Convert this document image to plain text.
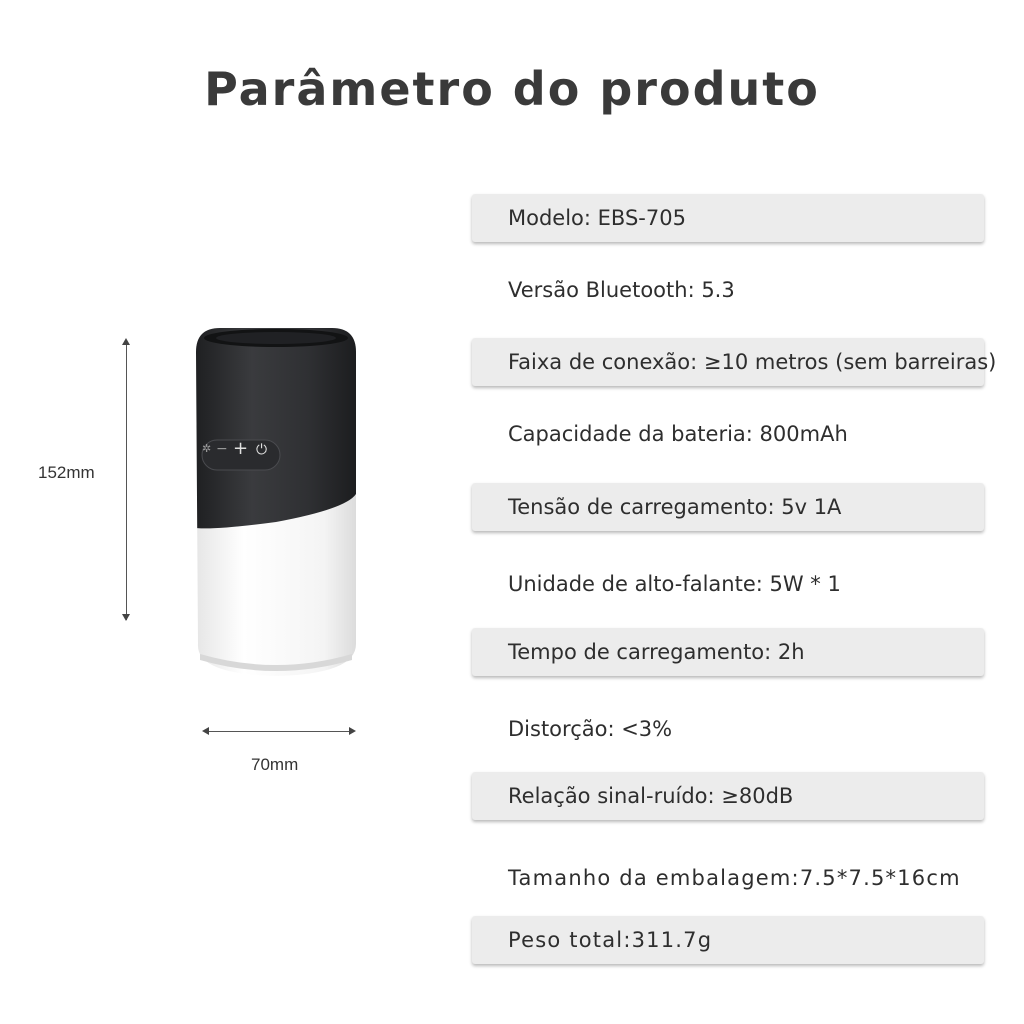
Parâmetro do produto
152mm
70mm
✲ − + ⏻
Modelo: EBS-705
Versão Bluetooth: 5.3
Faixa de conexão: ≥10 metros (sem barreiras)
Capacidade da bateria: 800mAh
Tensão de carregamento: 5v 1A
Unidade de alto-falante: 5W * 1
Tempo de carregamento: 2h
Distorção: <3%
Relação sinal-ruído: ≥80dB
Tamanho da embalagem:7.5*7.5*16cm
Peso total:311.7g
